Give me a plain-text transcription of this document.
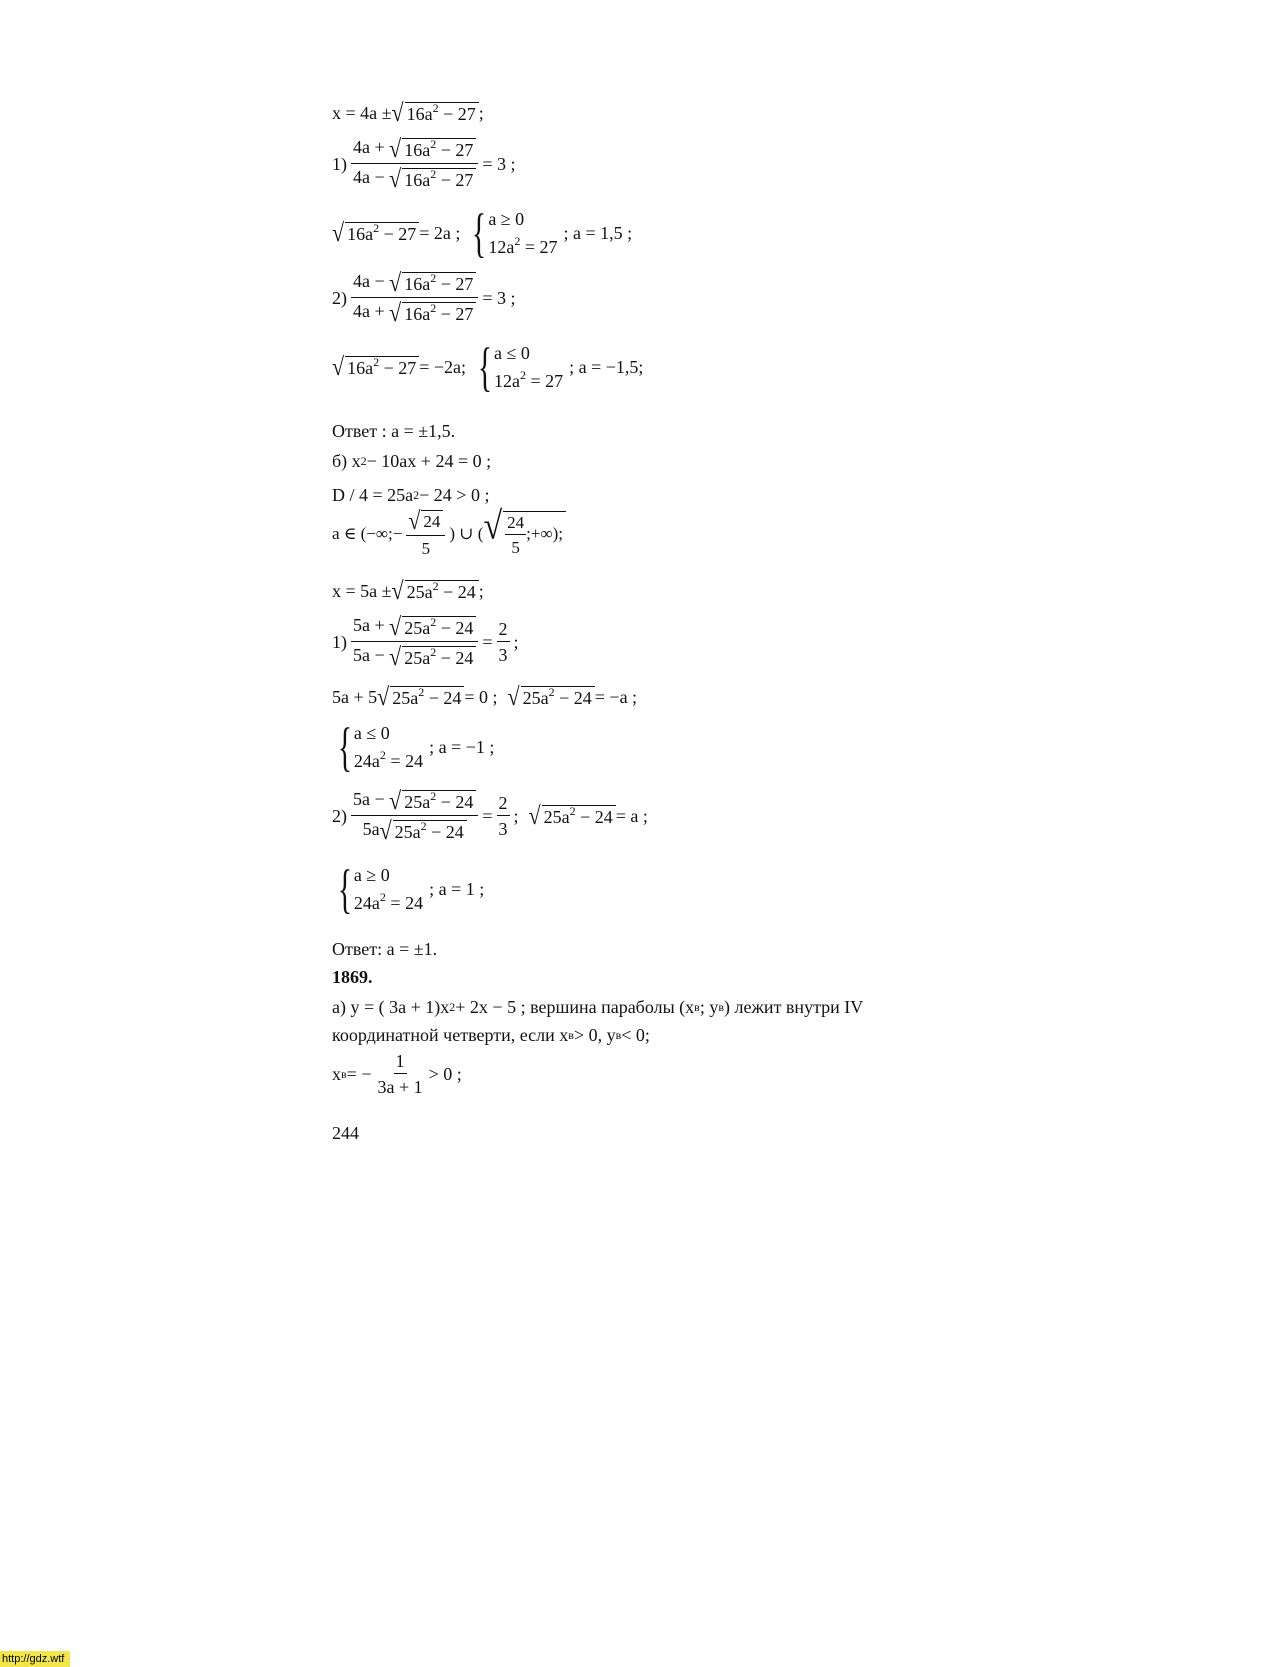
x = 4a ± √ $16a^2 - 27$ ;
$1) \frac{4a + √ 16a^2 - 27}{4a - √ 16a^2 - 27} = 3$ ;
√ $16a^2 - 27 = 2a$ ; { a ≥ 0
$12a^2 = 27$
; a = 1,5 ;
$2) \frac{4a - √ 16a^2 - 27}{4a + √ 16a^2 - 27} = 3$ ;
√ $16a^2 - 27 = -2a$; { a ≤ 0
$12a^2 = 27$
; a = −1,5;
Ответ : a = ±1,5.
б) x 2 − 10ax + 24 = 0 ;
D / 4 = 25a 2 − 24 > 0 ;
a ∈ (−∞;− $\frac{√ 24}{5}$ ) ∪ ( √ $\frac{24}{5}$ ;+∞);
x = 5a ± √ $25a^2 - 24$ ;
$1) \frac{5a + √ 25a^2 - 24}{5a - √ 25a^2 - 24} = \frac{2}{3}$ ;
5a + 5 √ $25a^2 - 24 = 0$ ; √ $25a^2 - 24 = -a$ ;
{ a ≤ 0
$24a^2 = 24$
; a = −1 ;
$2) \frac{5a - √ 25a^2 - 24}{5a √ 25a^2 - 24} = \frac{2}{3}$ ; √ $25a^2 - 24 = a$ ;
{ a ≥ 0
$24a^2 = 24$
; a = 1 ;
Ответ: a = ±1.
1869.
а) y = ( 3a + 1)x 2 + 2x − 5 ; вершина параболы (x в ; y в ) лежит внутри IV
координатной четверти, если x в > 0, y в < 0;
x в = − $\frac{1}{3a + 1} > 0$ ;
244
http://gdz.wtf
